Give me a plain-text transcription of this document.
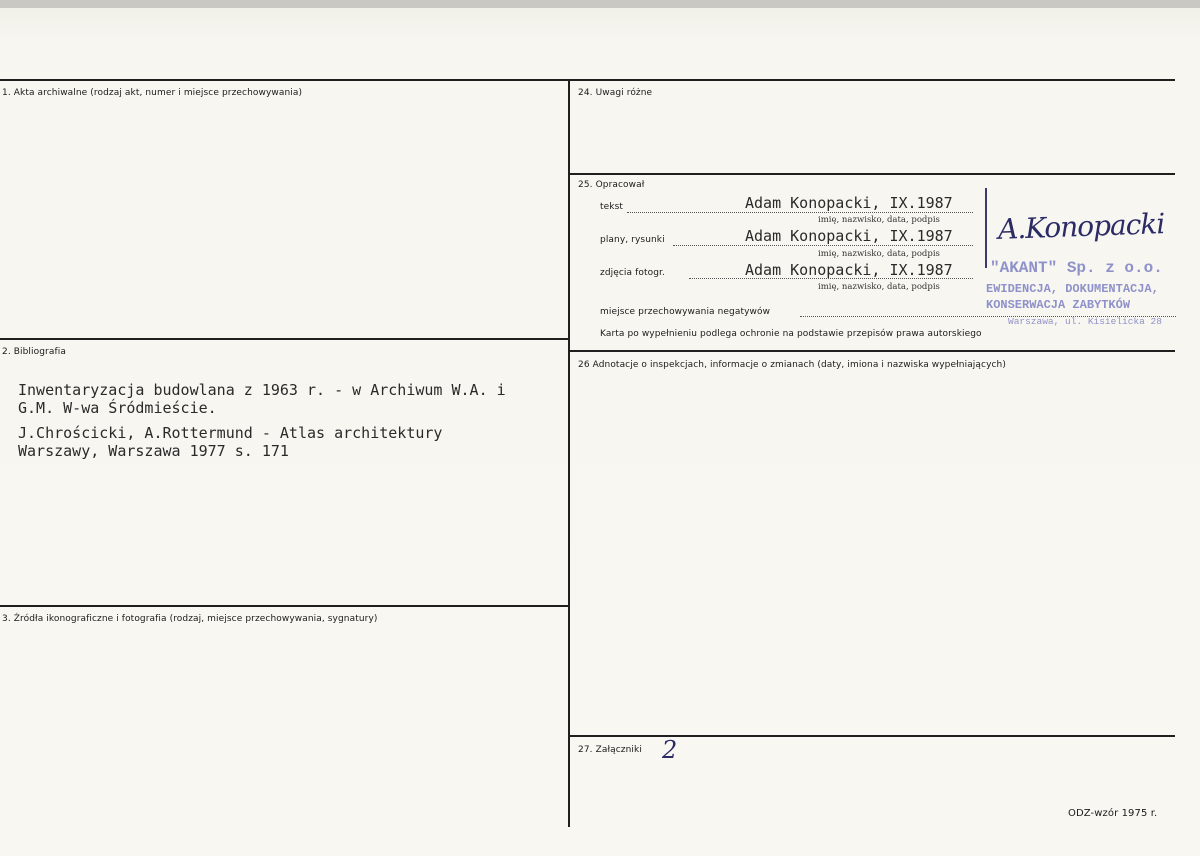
1. Akta archiwalne (rodzaj akt, numer i miejsce przechowywania)
2. Bibliografia
Inwentaryzacja budowlana z 1963 r. - w Archiwum W.A. i
G.M. W-wa Śródmieście.
J.Chrościcki, A.Rottermund - Atlas architektury
Warszawy, Warszawa 1977 s. 171
3. Źródła ikonograficzne i fotografia (rodzaj, miejsce przechowywania, sygnatury)
24. Uwagi różne
25. Opracował
tekst	Adam Konopacki, IX.1987
imię, nazwisko, data, podpis
plany, rysunki	Adam Konopacki, IX.1987
imię, nazwisko, data, podpis
zdjęcia fotogr.	Adam Konopacki, IX.1987
imię, nazwisko, data, podpis
miejsce przechowywania negatywów
Karta po wypełnieniu podlega ochronie na podstawie przepisów prawa autorskiego
A.Konopacki
"AKANT" Sp. z o.o.
EWIDENCJA, DOKUMENTACJA,
KONSERWACJA ZABYTKÓW
Warszawa, ul. Kisielicka 28
26 Adnotacje o inspekcjach, informacje o zmianach (daty, imiona i nazwiska wypełniających)
27. Załączniki 2
ODZ-wzór 1975 r.
